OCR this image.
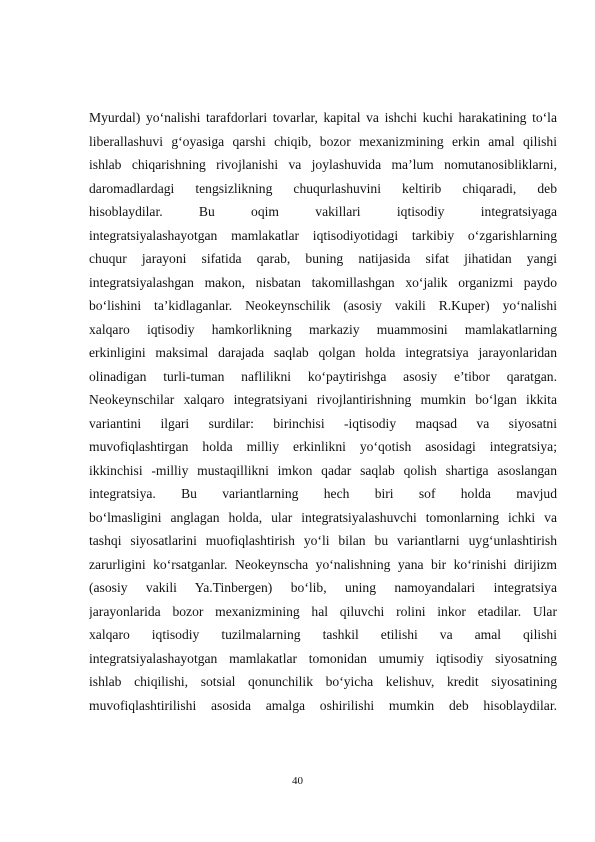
Myurdal) yo‘nalishi tarafdorlari tovarlar, kapital va ishchi kuchi harakatining to‘la
liberallashuvi g‘oyasiga qarshi chiqib, bozor mexanizmining erkin amal qilishi
ishlab chiqarishning rivojlanishi va joylashuvida ma’lum nomutanosibliklarni,
daromadlardagi tengsizlikning chuqurlashuvini keltirib chiqaradi, deb
hisoblaydilar. Bu oqim vakillari iqtisodiy integratsiyaga
integratsiyalashayotgan mamlakatlar iqtisodiyotidagi tarkibiy o‘zgarishlarning
chuqur jarayoni sifatida qarab, buning natijasida sifat jihatidan yangi
integratsiyalashgan makon, nisbatan takomillashgan xo‘jalik organizmi paydo
bo‘lishini ta’kidlaganlar. Neokeynschilik (asosiy vakili R.Kuper) yo‘nalishi
xalqaro iqtisodiy hamkorlikning markaziy muammosini mamlakatlarning
erkinligini maksimal darajada saqlab qolgan holda integratsiya jarayonlaridan
olinadigan turli-tuman naflilikni ko‘paytirishga asosiy e’tibor qaratgan.
Neokeynschilar xalqaro integratsiyani rivojlantirishning mumkin bo‘lgan ikkita
variantini ilgari surdilar: birinchisi -iqtisodiy maqsad va siyosatni
muvofiqlashtirgan holda milliy erkinlikni yo‘qotish asosidagi integratsiya;
ikkinchisi -milliy mustaqillikni imkon qadar saqlab qolish shartiga asoslangan
integratsiya. Bu variantlarning hech biri sof holda mavjud
bo‘lmasligini anglagan holda, ular integratsiyalashuvchi tomonlarning ichki va
tashqi siyosatlarini muofiqlashtirish yo‘li bilan bu variantlarni uyg‘unlashtirish
zarurligini ko‘rsatganlar. Neokeynscha yo‘nalishning yana bir ko‘rinishi dirijizm
(asosiy vakili Ya.Tinbergen) bo‘lib, uning namoyandalari integratsiya
jarayonlarida bozor mexanizmining hal qiluvchi rolini inkor etadilar. Ular
xalqaro iqtisodiy tuzilmalarning tashkil etilishi va amal qilishi
integratsiyalashayotgan mamlakatlar tomonidan umumiy iqtisodiy siyosatning
ishlab chiqilishi, sotsial qonunchilik bo‘yicha kelishuv, kredit siyosatining
muvofiqlashtirilishi asosida amalga oshirilishi mumkin deb hisoblaydilar.
40
